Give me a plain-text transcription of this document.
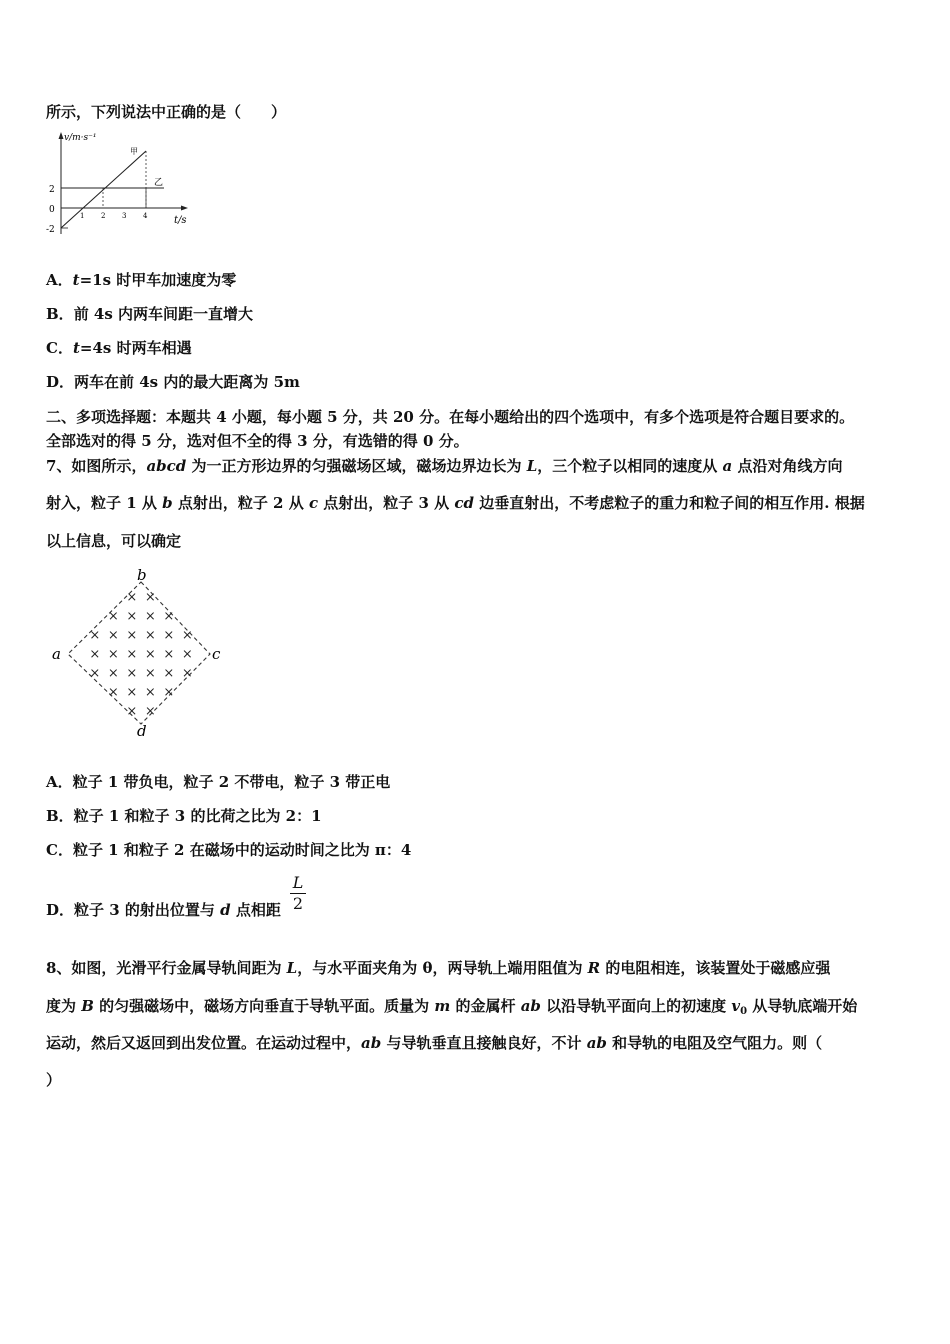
所示，下列说法中正确的是（　　）
v/m·s⁻¹
t/s
2
0
-2
1 2 3 4
甲
乙
A．t=1s 时甲车加速度为零
B．前 4s 内两车间距一直增大
C．t=4s 时两车相遇
D．两车在前 4s 内的最大距离为 5m
二、多项选择题：本题共 4 小题，每小题 5 分，共 20 分。在每小题给出的四个选项中，有多个选项是符合题目要求的。
全部选对的得 5 分，选对但不全的得 3 分，有选错的得 0 分。
7、如图所示，abcd 为一正方形边界的匀强磁场区域，磁场边界边长为 L，三个粒子以相同的速度从 a 点沿对角线方向
射入，粒子 1 从 b 点射出，粒子 2 从 c 点射出，粒子 3 从 cd 边垂直射出，不考虑粒子的重力和粒子间的相互作用. 根据
以上信息，可以确定
b
a	c
d
× ×
× × × ×
× × × × × ×
× × × × × ×
× × × × × ×
× × × ×
× ×
A．粒子 1 带负电，粒子 2 不带电，粒子 3 带正电
B．粒子 1 和粒子 3 的比荷之比为 2：1
C．粒子 1 和粒子 2 在磁场中的运动时间之比为 π：4
D．粒子 3 的射出位置与 d 点相距
L
2
8、如图，光滑平行金属导轨间距为 L，与水平面夹角为 θ，两导轨上端用阻值为 R 的电阻相连，该装置处于磁感应强
度为 B 的匀强磁场中，磁场方向垂直于导轨平面。质量为 m 的金属杆 ab 以沿导轨平面向上的初速度 $v_0$ 从导轨底端开始
运动，然后又返回到出发位置。在运动过程中，ab 与导轨垂直且接触良好，不计 ab 和导轨的电阻及空气阻力。则（
）
